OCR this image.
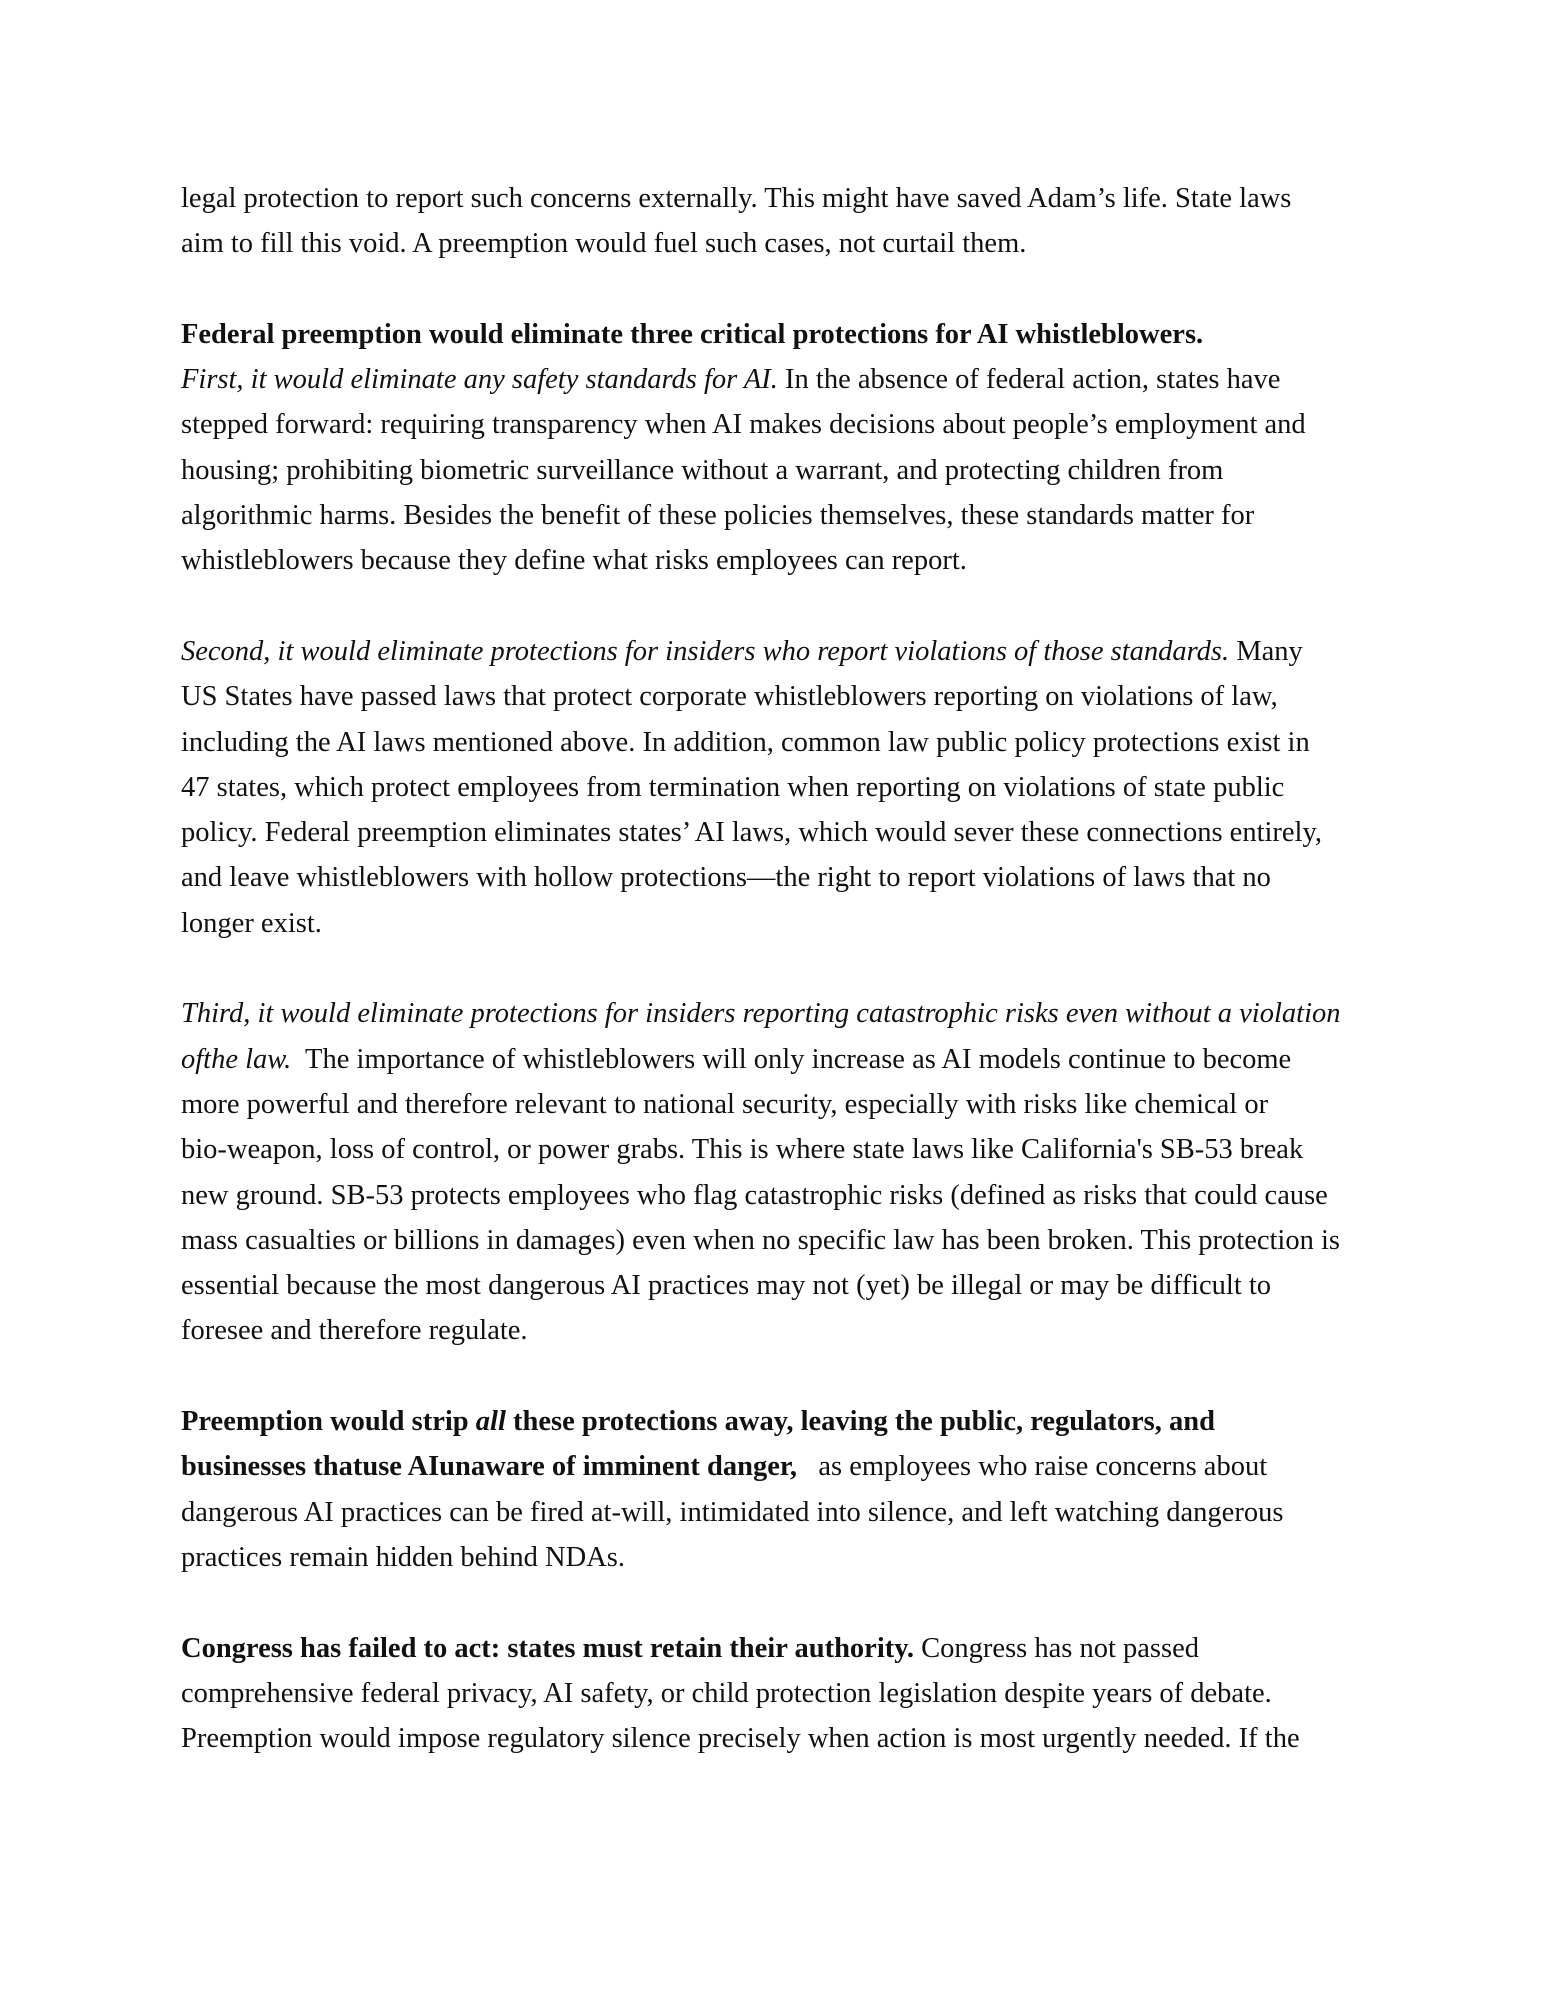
legal protection to report such concerns externally. This might have saved Adam’s life. State laws
aim to fill this void. A preemption would fuel such cases, not curtail them.

Federal preemption would eliminate three critical protections for AI whistleblowers.
First, it would eliminate any safety standards for AI. In the absence of federal action, states have
stepped forward: requiring transparency when AI makes decisions about people’s employment and
housing; prohibiting biometric surveillance without a warrant, and protecting children from
algorithmic harms. Besides the benefit of these policies themselves, these standards matter for
whistleblowers because they define what risks employees can report.

Second, it would eliminate protections for insiders who report violations of those standards. Many
US States have passed laws that protect corporate whistleblowers reporting on violations of law,
including the AI laws mentioned above. In addition, common law public policy protections exist in
47 states, which protect employees from termination when reporting on violations of state public
policy. Federal preemption eliminates states’ AI laws, which would sever these connections entirely,
and leave whistleblowers with hollow protections—the right to report violations of laws that no
longer exist.

Third, it would eliminate protections for insiders reporting catastrophic risks even without a violation
ofthe law.  The importance of whistleblowers will only increase as AI models continue to become
more powerful and therefore relevant to national security, especially with risks like chemical or
bio-weapon, loss of control, or power grabs. This is where state laws like California's SB-53 break
new ground. SB-53 protects employees who flag catastrophic risks (defined as risks that could cause
mass casualties or billions in damages) even when no specific law has been broken. This protection is
essential because the most dangerous AI practices may not (yet) be illegal or may be difficult to
foresee and therefore regulate.

Preemption would strip all these protections away, leaving the public, regulators, and
businesses thatuse AIunaware of imminent danger,   as employees who raise concerns about
dangerous AI practices can be fired at-will, intimidated into silence, and left watching dangerous
practices remain hidden behind NDAs.

Congress has failed to act: states must retain their authority. Congress has not passed
comprehensive federal privacy, AI safety, or child protection legislation despite years of debate.
Preemption would impose regulatory silence precisely when action is most urgently needed. If the
